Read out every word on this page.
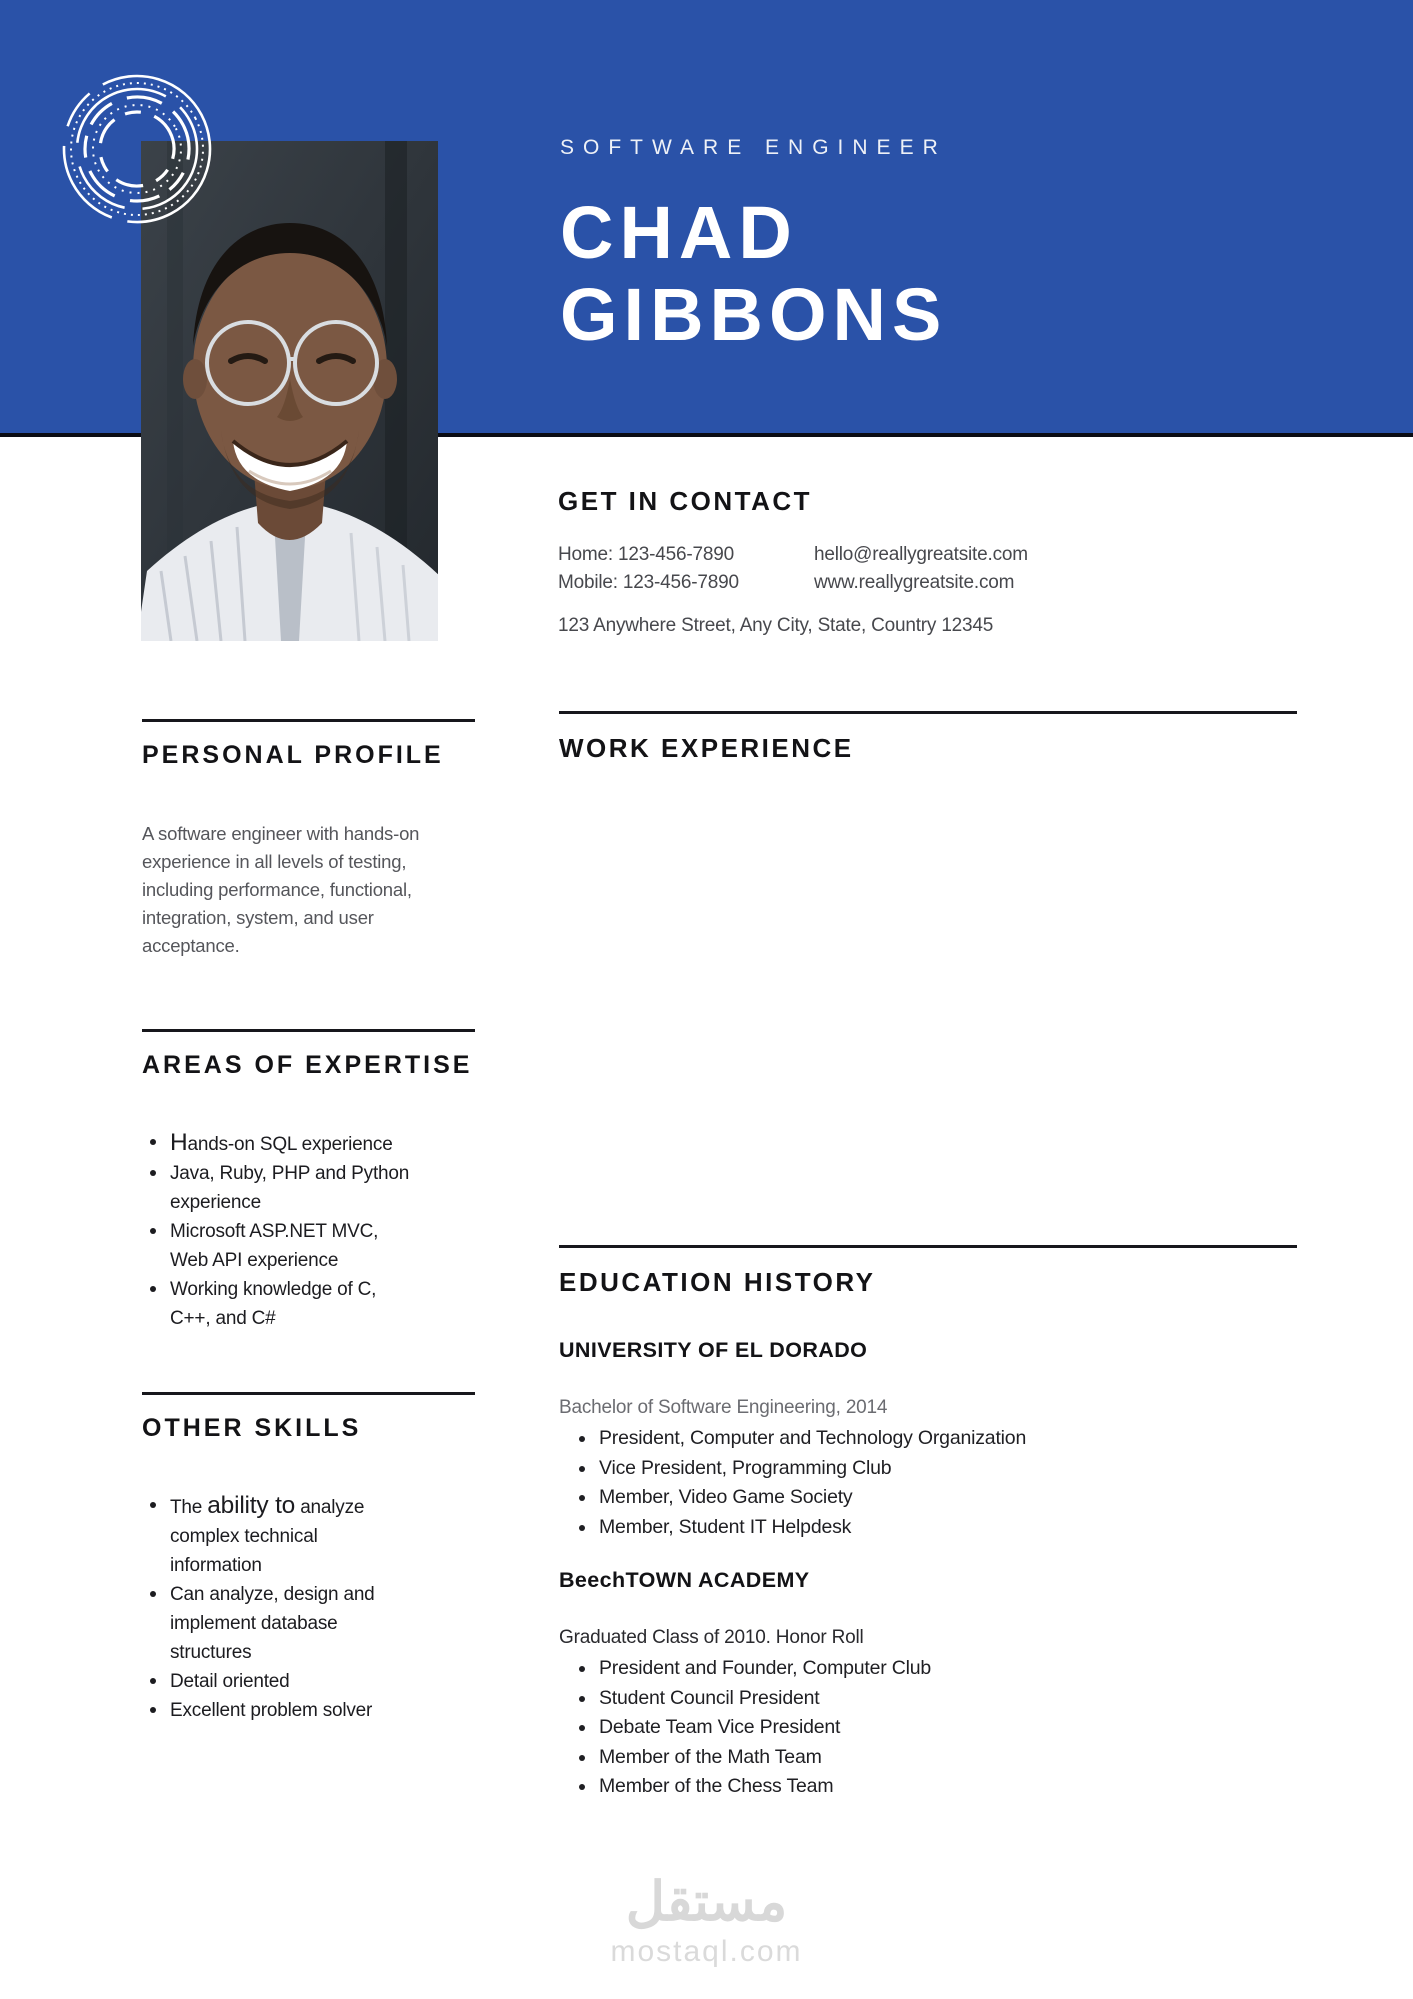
SOFTWARE ENGINEER
CHAD
GIBBONS
GET IN CONTACT
Home: 123-456-7890	hello@reallygreatsite.com
Mobile: 123-456-7890	www.reallygreatsite.com
123 Anywhere Street, Any City, State, Country 12345
PERSONAL PROFILE

A software engineer with hands-on experience in all levels of testing, including performance, functional, integration, system, and user acceptance.

AREAS OF EXPERTISE
Hands-on SQL experience
Java, Ruby, PHP and Python experience
Microsoft ASP.NET MVC, Web API experience
Working knowledge of C, C++, and C#
OTHER SKILLS
The ability to analyze complex technical information
Can analyze, design and implement database structures
Detail oriented
Excellent problem solver
WORK EXPERIENCE
EDUCATION HISTORY
UNIVERSITY OF EL DORADO

Bachelor of Software Engineering, 2014

President, Computer and Technology Organization
Vice President, Programming Club
Member, Video Game Society
Member, Student IT Helpdesk
BeechTOWN ACADEMY

Graduated Class of 2010. Honor Roll

President and Founder, Computer Club
Student Council President
Debate Team Vice President
Member of the Math Team
Member of the Chess Team
مستقل
mostaql.com
